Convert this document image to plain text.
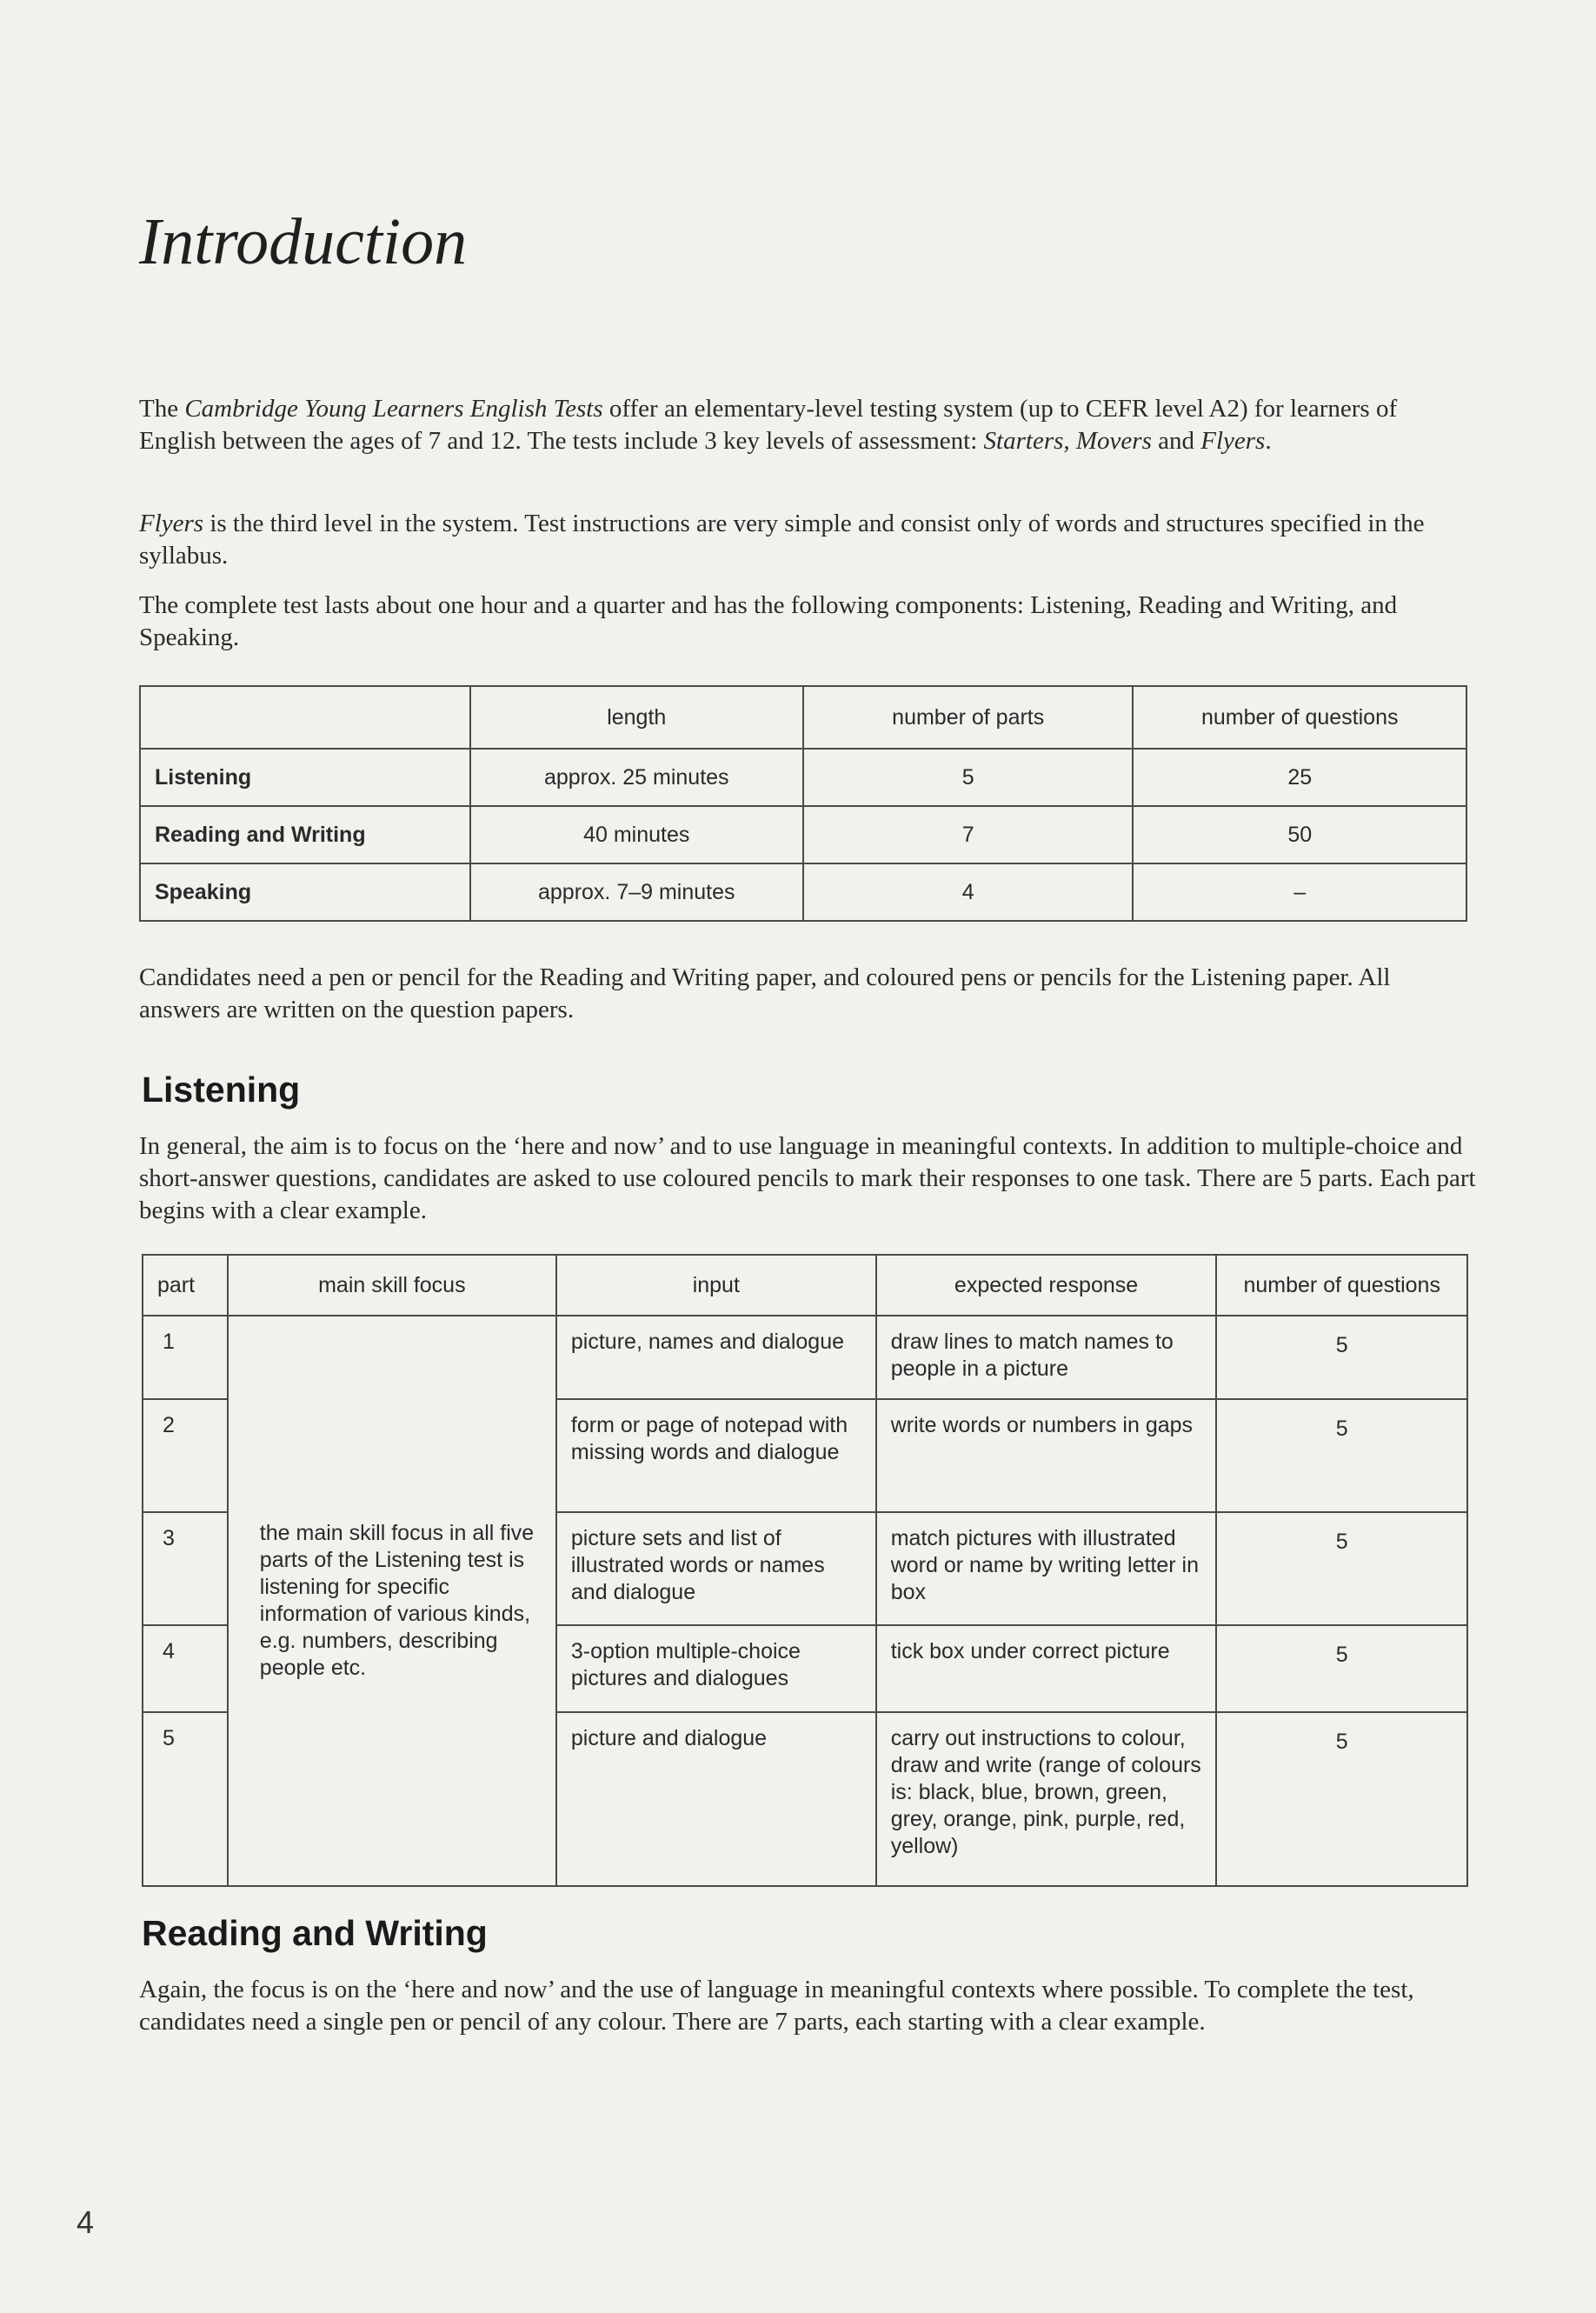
Introduction

The Cambridge Young Learners English Tests offer an elementary-level testing system (up to CEFR level A2) for learners of English between the ages of 7 and 12. The tests include 3 key levels of assessment: Starters, Movers and Flyers.

Flyers is the third level in the system. Test instructions are very simple and consist only of words and structures specified in the syllabus.

The complete test lasts about one hour and a quarter and has the following components: Listening, Reading and Writing, and Speaking.

	length	number of parts	number of questions
Listening	approx. 25 minutes	5	25
Reading and Writing	40 minutes	7	50
Speaking	approx. 7–9 minutes	4	–

Candidates need a pen or pencil for the Reading and Writing paper, and coloured pens or pencils for the Listening paper. All answers are written on the question papers.

Listening

In general, the aim is to focus on the ‘here and now’ and to use language in meaningful contexts. In addition to multiple-choice and short-answer questions, candidates are asked to use coloured pencils to mark their responses to one task. There are 5 parts. Each part begins with a clear example.

part	main skill focus	input	expected response	number of questions
1	the main skill focus in all five parts of the Listening test is listening for specific information of various kinds, e.g. numbers, describing people etc.	picture, names and dialogue	draw lines to match names to people in a picture	5
2		form or page of notepad with missing words and dialogue	write words or numbers in gaps	5
3		picture sets and list of illustrated words or names and dialogue	match pictures with illustrated word or name by writing letter in box	5
4		3-option multiple-choice pictures and dialogues	tick box under correct picture	5
5		picture and dialogue	carry out instructions to colour, draw and write (range of colours is: black, blue, brown, green, grey, orange, pink, purple, red, yellow)	5
Reading and Writing

Again, the focus is on the ‘here and now’ and the use of language in meaningful contexts where possible. To complete the test, candidates need a single pen or pencil of any colour. There are 7 parts, each starting with a clear example.

4
